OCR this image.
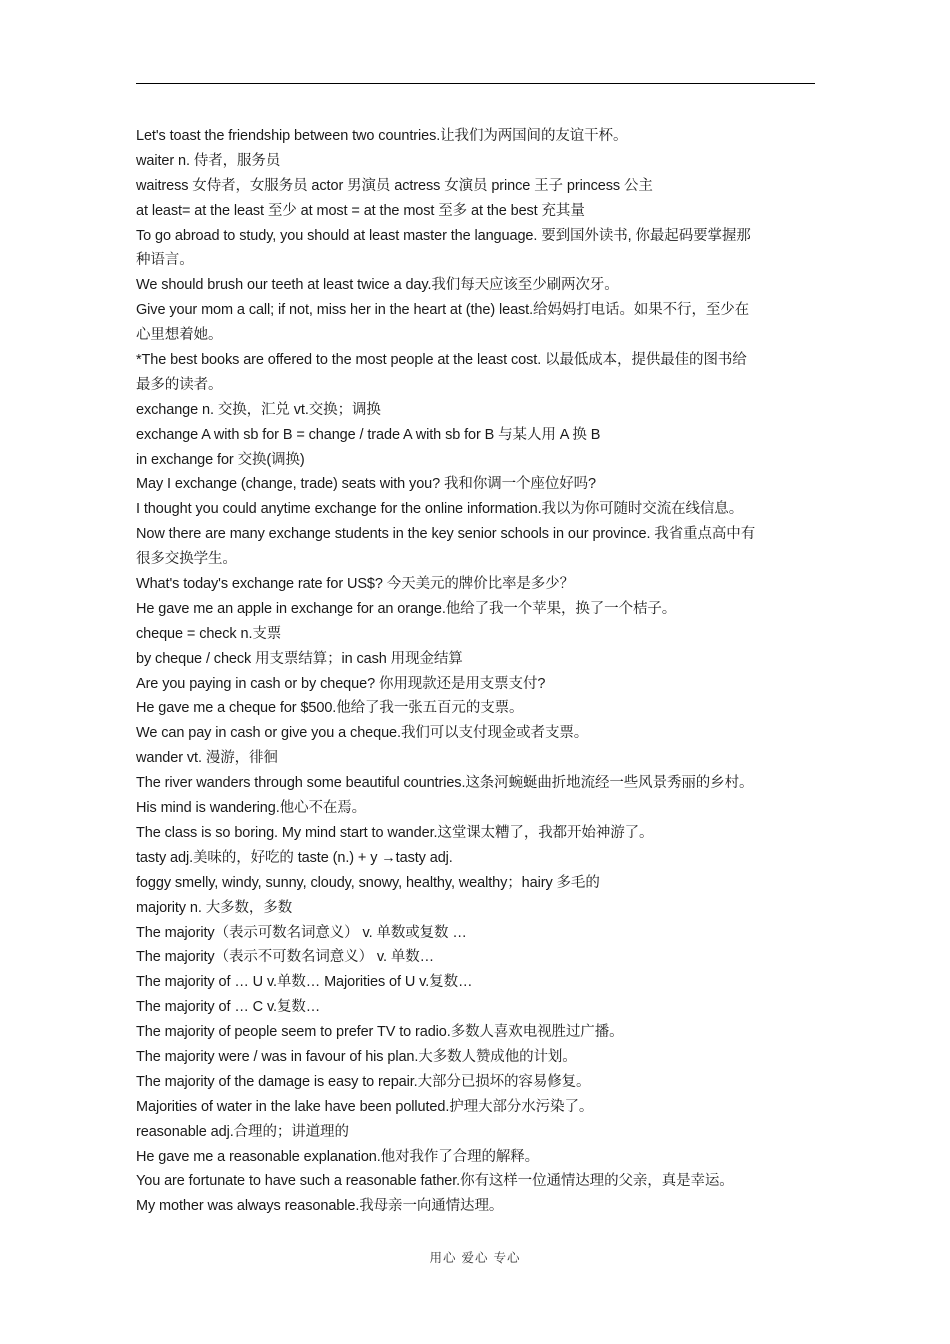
Let's toast the friendship between two countries.让我们为两国间的友谊干杯。
waiter n. 侍者，服务员
waitress 女侍者，女服务员 actor 男演员 actress 女演员 prince 王子 princess 公主
at least= at the least 至少 at most = at the most 至多 at the best 充其量
To go abroad to study, you should at least master the language. 要到国外读书, 你最起码要掌握那
种语言。
We should brush our teeth at least twice a day.我们每天应该至少刷两次牙。
Give your mom a call; if not, miss her in the heart at (the) least.给妈妈打电话。如果不行，至少在
心里想着她。
*The best books are offered to the most people at the least cost. 以最低成本，提供最佳的图书给
最多的读者。
exchange n. 交换，汇兑 vt.交换；调换
exchange A with sb for B = change / trade A with sb for B 与某人用 A 换 B
in exchange for 交换(调换)
May I exchange (change, trade) seats with you? 我和你调一个座位好吗?
I thought you could anytime exchange for the online information.我以为你可随时交流在线信息。
Now there are many exchange students in the key senior schools in our province. 我省重点高中有
很多交换学生。
What's today's exchange rate for US$? 今天美元的牌价比率是多少？
He gave me an apple in exchange for an orange.他给了我一个苹果，换了一个桔子。
cheque = check n.支票
by cheque / check 用支票结算；in cash 用现金结算
Are you paying in cash or by cheque? 你用现款还是用支票支付?
He gave me a cheque for $500.他给了我一张五百元的支票。
We can pay in cash or give you a cheque.我们可以支付现金或者支票。
wander vt. 漫游，徘徊
The river wanders through some beautiful countries.这条河蜿蜒曲折地流经一些风景秀丽的乡村。
His mind is wandering.他心不在焉。
The class is so boring. My mind start to wander.这堂课太糟了，我都开始神游了。
tasty adj.美味的，好吃的 taste (n.) + y →tasty adj.
foggy smelly, windy, sunny, cloudy, snowy, healthy, wealthy；hairy 多毛的
majority n. 大多数，多数
The majority（表示可数名词意义） v. 单数或复数 …
The majority（表示不可数名词意义） v. 单数…
The majority of … U v.单数… Majorities of U v.复数…
The majority of … C v.复数…
The majority of people seem to prefer TV to radio.多数人喜欢电视胜过广播。
The majority were / was in favour of his plan.大多数人赞成他的计划。
The majority of the damage is easy to repair.大部分已损坏的容易修复。
Majorities of water in the lake have been polluted.护理大部分水污染了。
reasonable adj.合理的；讲道理的
He gave me a reasonable explanation.他对我作了合理的解释。
You are fortunate to have such a reasonable father.你有这样一位通情达理的父亲，真是幸运。
My mother was always reasonable.我母亲一向通情达理。
用心 爱心 专心
